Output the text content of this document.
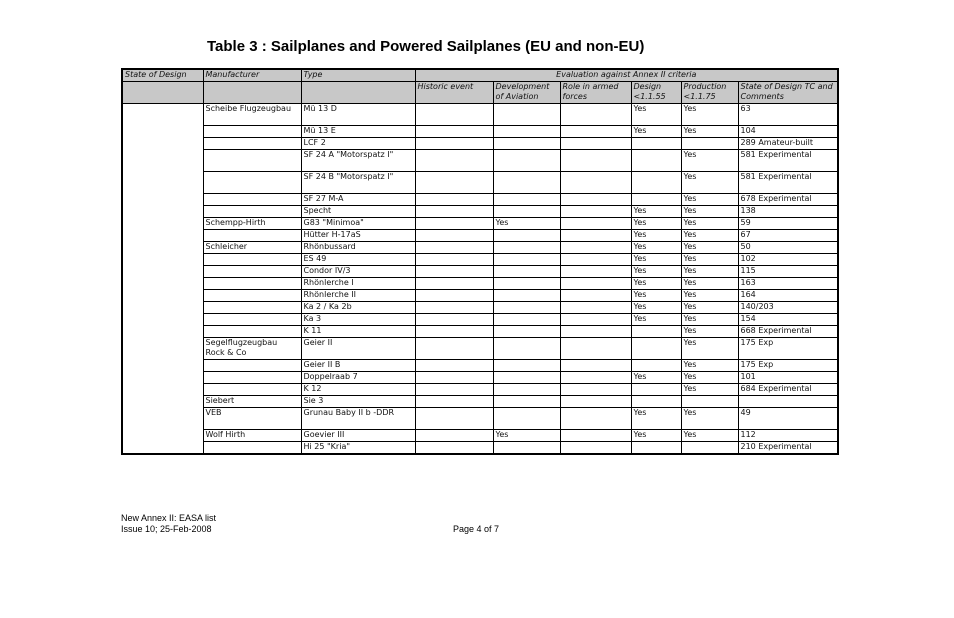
Table 3 : Sailplanes and Powered Sailplanes (EU and non-EU)
State of Design	Manufacturer	Type	Evaluation against Annex II criteria					
			Historic event	Development of Aviation	Role in armed forces	Design <1.1.55	Production <1.1.75	State of Design TC and Comments
	Scheibe Flugzeugbau	Mü 13 D				Yes	Yes	63
		Mü 13 E				Yes	Yes	104
		LCF 2						289 Amateur-built
		SF 24 A "Motorspatz I"					Yes	581 Experimental
		SF 24 B "Motorspatz I"					Yes	581 Experimental
		SF 27 M-A					Yes	678 Experimental
		Specht				Yes	Yes	138
	Schempp-Hirth	G83 "Minimoa"		Yes		Yes	Yes	59
		Hütter H-17aS				Yes	Yes	67
	Schleicher	Rhönbussard				Yes	Yes	50
		ES 49				Yes	Yes	102
		Condor IV/3				Yes	Yes	115
		Rhönlerche I				Yes	Yes	163
		Rhönlerche II				Yes	Yes	164
		Ka 2 / Ka 2b				Yes	Yes	140/203
		Ka 3				Yes	Yes	154
		K 11					Yes	668 Experimental
	Segelflugzeugbau Rock & Co	Geier II					Yes	175 Exp
		Geier II B					Yes	175 Exp
		Doppelraab 7				Yes	Yes	101
		K 12					Yes	684 Experimental
	Siebert	Sie 3						
	VEB	Grunau Baby II b -DDR				Yes	Yes	49
	Wolf Hirth	Goevier III		Yes		Yes	Yes	112
		Hi 25 "Kria"						210 Experimental
New Annex II: EASA list
Issue 10; 25-Feb-2008	Page 4 of 7
